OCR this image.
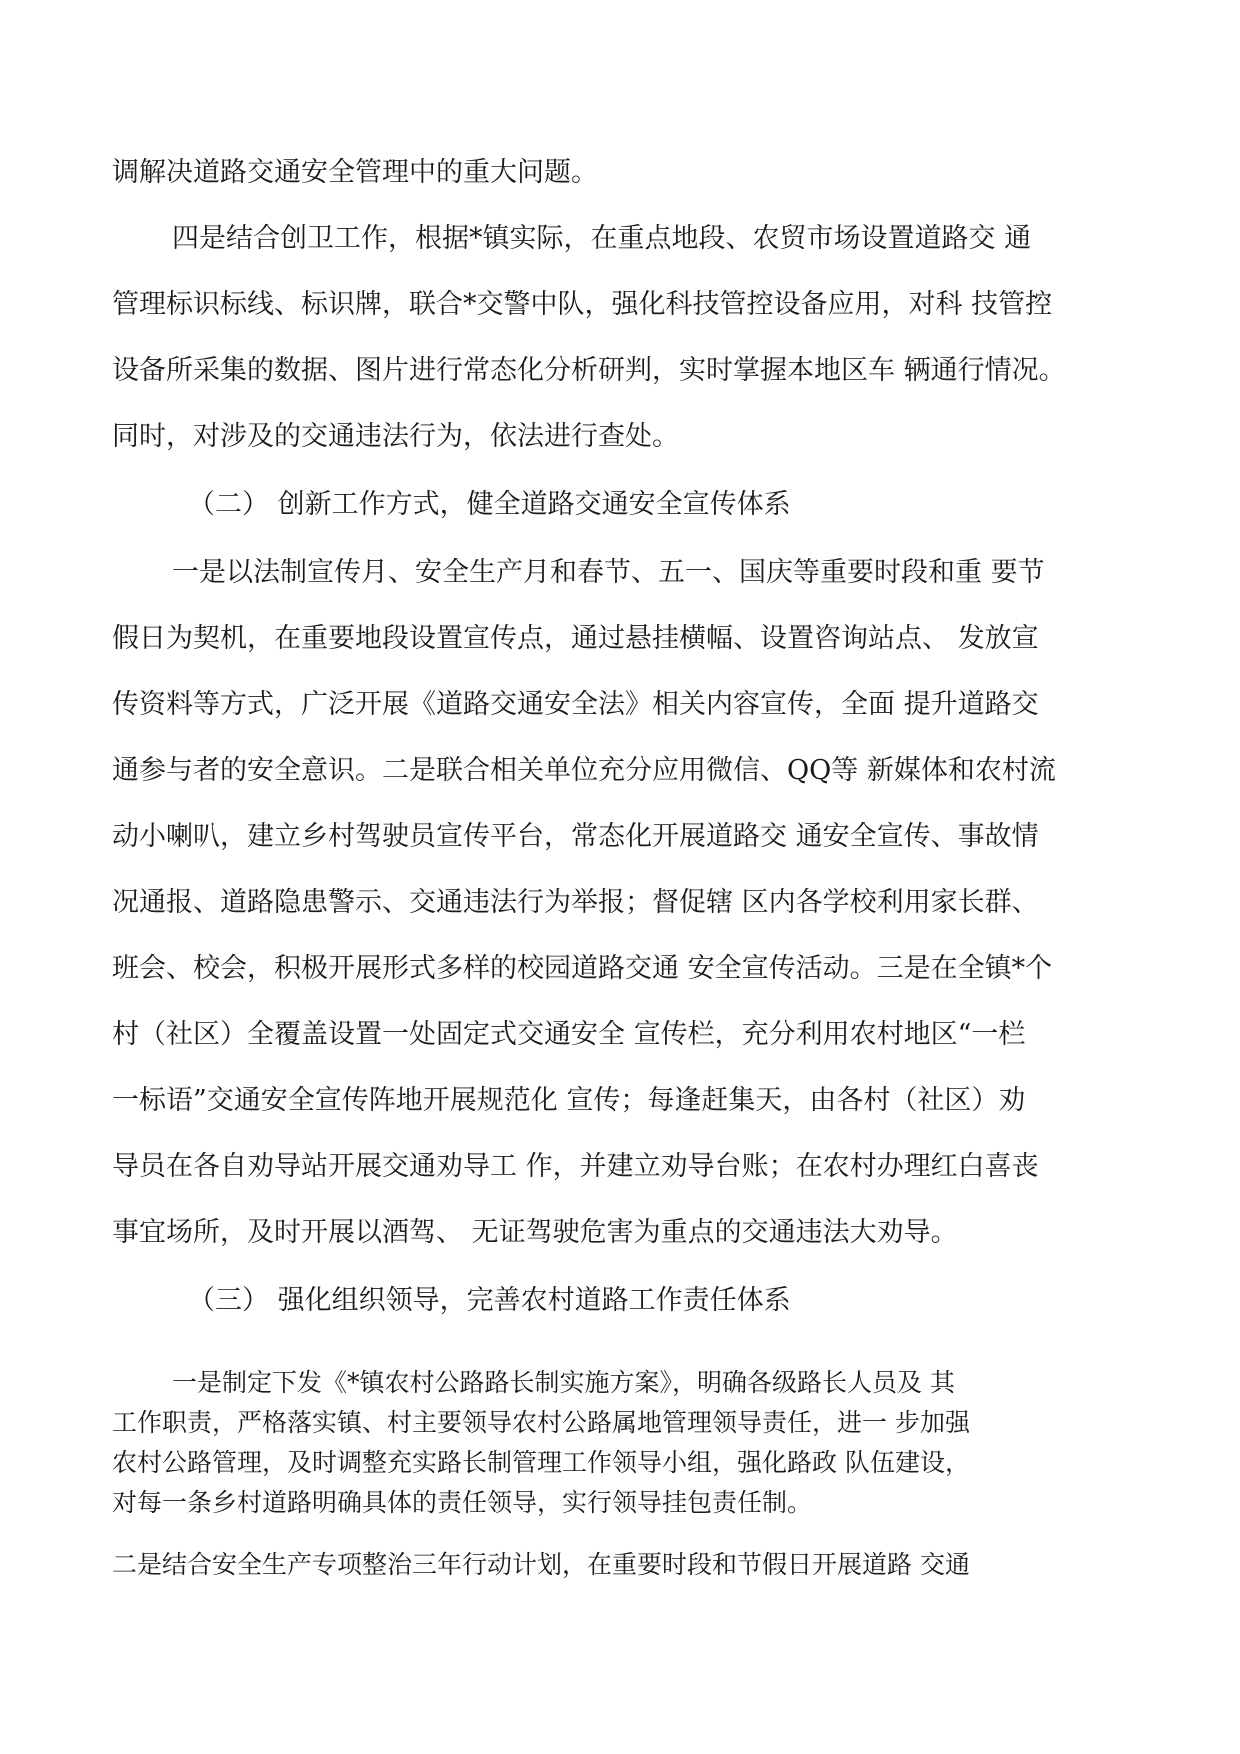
调解决道路交通安全管理中的重大问题。
四是结合创卫工作，根据*镇实际，在重点地段、农贸市场设置道路交 通
管理标识标线、标识牌，联合*交警中队，强化科技管控设备应用，对科 技管控
设备所采集的数据、图片进行常态化分析研判，实时掌握本地区车 辆通行情况。
同时，对涉及的交通违法行为，依法进行查处。
（二） 创新工作方式，健全道路交通安全宣传体系
一是以法制宣传月、安全生产月和春节、五一、国庆等重要时段和重 要节
假日为契机，在重要地段设置宣传点，通过悬挂横幅、设置咨询站点、 发放宣
传资料等方式，广泛开展《道路交通安全法》相关内容宣传，全面 提升道路交
通参与者的安全意识。二是联合相关单位充分应用微信、QQ等 新媒体和农村流
动小喇叭，建立乡村驾驶员宣传平台，常态化开展道路交 通安全宣传、事故情
况通报、道路隐患警示、交通违法行为举报；督促辖 区内各学校利用家长群、
班会、校会，积极开展形式多样的校园道路交通 安全宣传活动。三是在全镇*个
村（社区）全覆盖设置一处固定式交通安全 宣传栏，充分利用农村地区“一栏
一标语”交通安全宣传阵地开展规范化 宣传；每逢赶集天，由各村（社区）劝
导员在各自劝导站开展交通劝导工 作，并建立劝导台账；在农村办理红白喜丧
事宜场所，及时开展以酒驾、 无证驾驶危害为重点的交通违法大劝导。
（三） 强化组织领导，完善农村道路工作责任体系
一是制定下发《*镇农村公路路长制实施方案》，明确各级路长人员及 其
工作职责，严格落实镇、村主要领导农村公路属地管理领导责任，进一 步加强
农村公路管理，及时调整充实路长制管理工作领导小组，强化路政 队伍建设，
对每一条乡村道路明确具体的责任领导，实行领导挂包责任制。
二是结合安全生产专项整治三年行动计划，在重要时段和节假日开展道路 交通
